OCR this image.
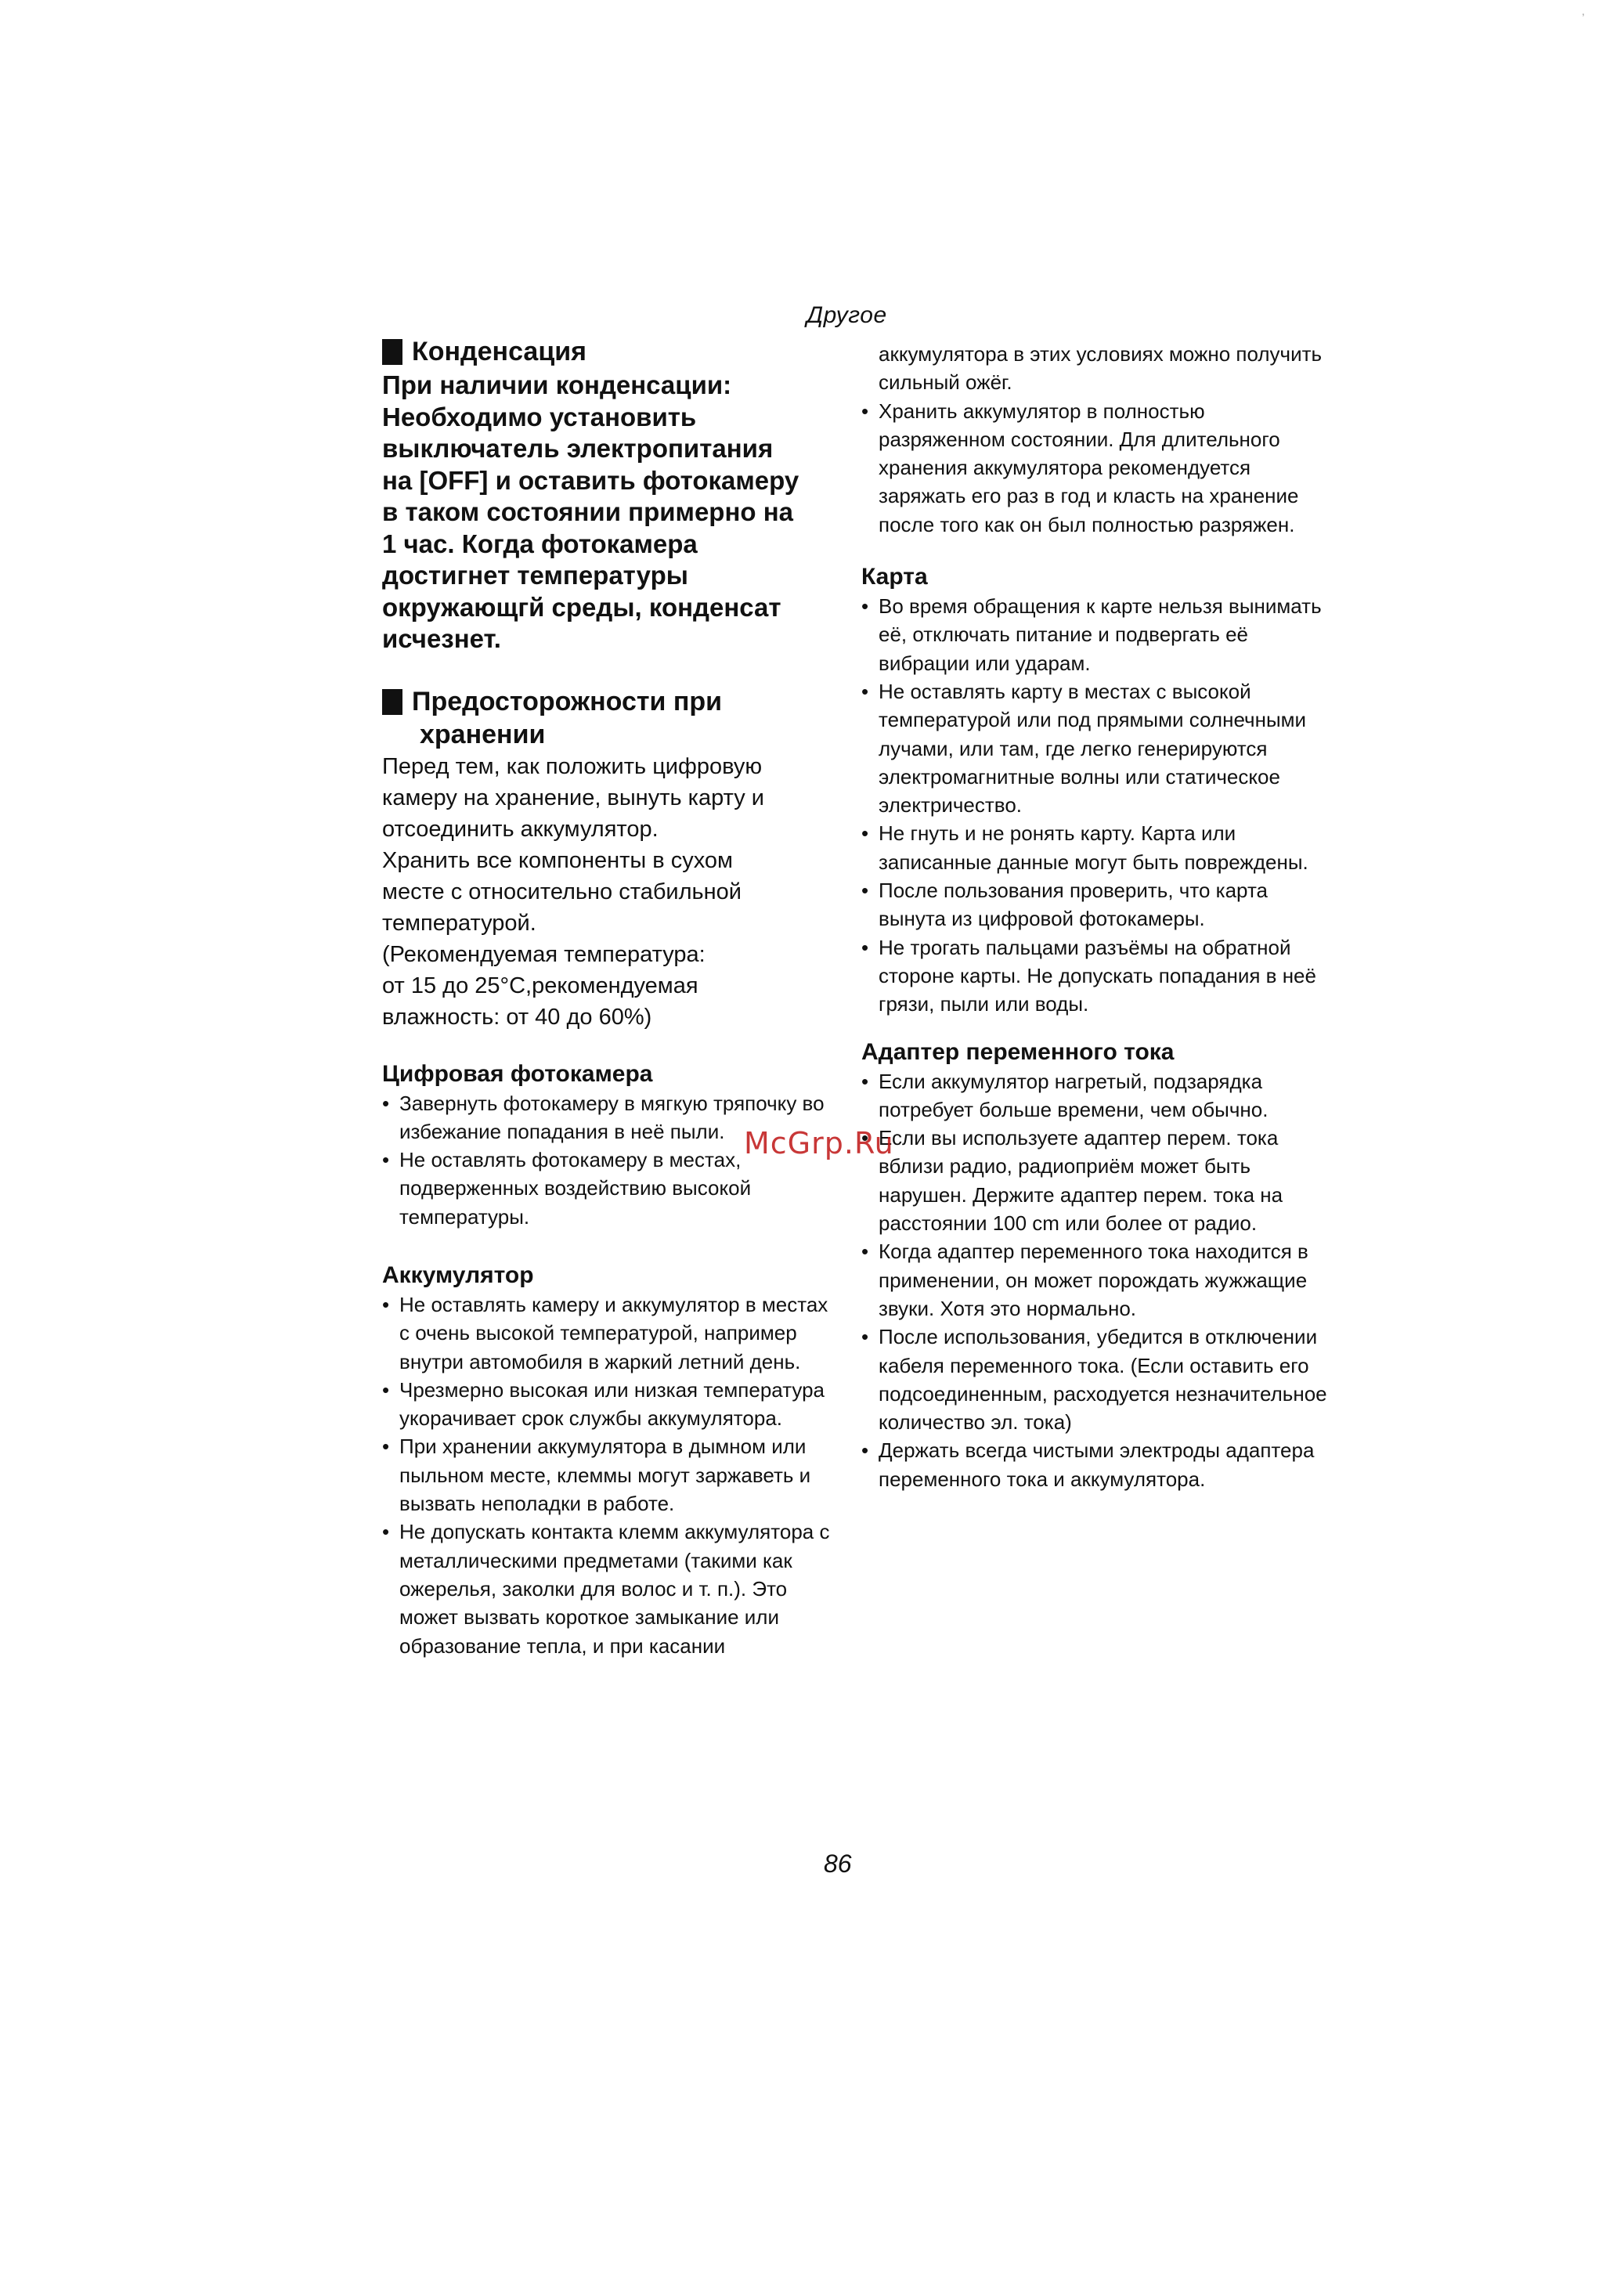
,
Другое
Конденсация
При наличии конденсации:
Необходимо установить
выключатель электропитания
на [OFF] и оставить фотокамеру
в таком состоянии примерно на
1 час. Когда фотокамера
достигнет температуры
окружающгй среды, конденсат
исчезнет.
Предосторожности при
хранении
Перед тем, как положить цифровую
камеру на хранение, вынуть карту и
отсоединить аккумулятор.
Хранить все компоненты в сухом
месте с относительно стабильной
температурой.
(Рекомендуемая температура:
от 15 до 25°C,рекомендуемая
влажность: от 40 до 60%)
Цифровая фотокамера
• Завернуть фотокамеру в мягкую тряпочку во избежание попадания в неё пыли.
• Не оставлять фотокамеру в местах, подверженных воздействию высокой температуры.
Аккумулятор
• Не оставлять камеру и аккумулятор в местах с очень высокой температурой, например внутри автомобиля в жаркий летний день.
• Чрезмерно высокая или низкая температура укорачивает срок службы аккумулятора.
• При хранении аккумулятора в дымном или пыльном месте, клеммы могут заржаветь и вызвать неполадки в работе.
• Не допускать контакта клемм аккумулятора с металлическими предметами (такими как ожерелья, заколки для волос и т. п.). Это может вызвать короткое замыкание или образование тепла, и при касании
аккумулятора в этих условиях можно получить сильный ожёг.
• Хранить аккумулятор в полностью разряженном состоянии. Для длительного хранения аккумулятора рекомендуется заряжать его раз в год и класть на хранение после того как он был полностью разряжен.
Карта
• Во время обращения к карте нельзя вынимать её, отключать питание и подвергать её вибрации или ударам.
• Не оставлять карту в местах с высокой температурой или под прямыми солнечными лучами, или там, где легко генерируются электромагнитные волны или статическое электричество.
• Не гнуть и не ронять карту. Карта или записанные данные могут быть повреждены.
• После пользования проверить, что карта вынута из цифровой фотокамеры.
• Не трогать пальцами разъёмы на обратной стороне карты. Не допускать попадания в неё грязи, пыли или воды.
Адаптер переменного тока
• Если аккумулятор нагретый, подзарядка потребует больше времени, чем обычно.
• Если вы используете адаптер перем. тока вблизи радио, радиоприём может быть нарушен. Держите адаптер перем. тока на расстоянии 100 cm или более от радио.
• Когда адаптер переменного тока находится в применении, он может порождать жужжащие звуки. Хотя это нормально.
• После использования, убедится в отключении кабеля переменного тока. (Если оставить его подсоединенным, расходуется незначительное количество эл. тока)
• Держать всегда чистыми электроды адаптера переменного тока и аккумулятора.
McGrp.Ru
86
